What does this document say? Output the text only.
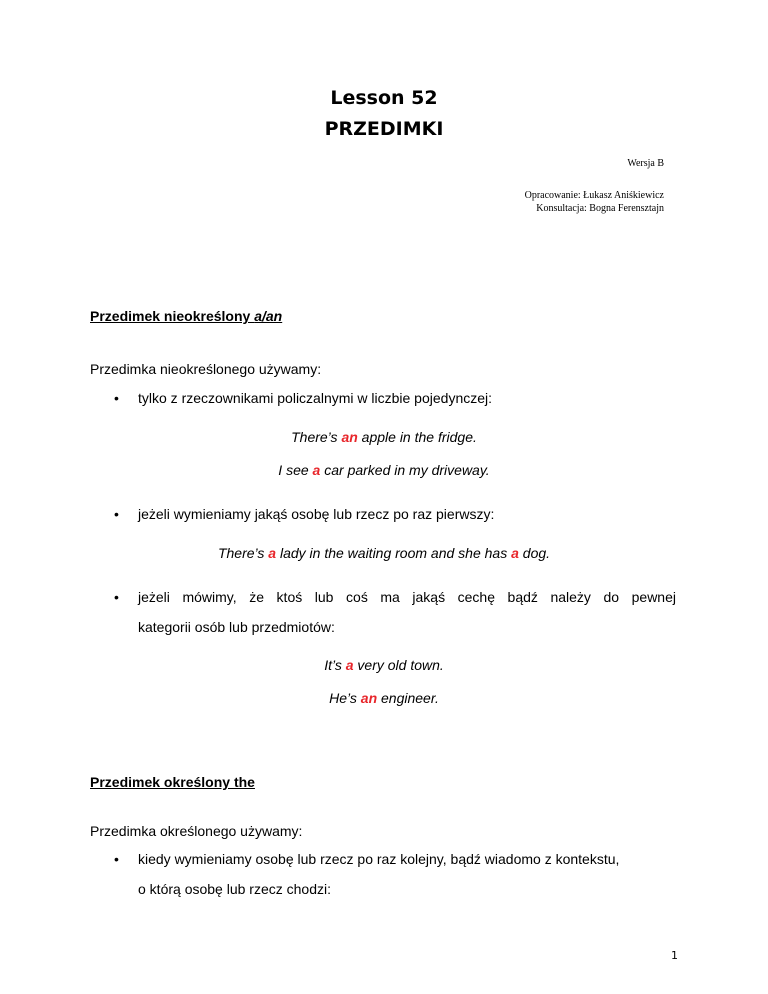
Lesson 52
PRZEDIMKI
Wersja B
Opracowanie: Łukasz Aniśkiewicz
Konsultacja: Bogna Ferensztajn
Przedimek nieokreślony a/an
Przedimka nieokreślonego używamy:
• tylko z rzeczownikami policzalnymi w liczbie pojedynczej:
There’s an apple in the fridge.
I see a car parked in my driveway.
• jeżeli wymieniamy jakąś osobę lub rzecz po raz pierwszy:
There’s a lady in the waiting room and she has a dog.
• jeżeli mówimy, że ktoś lub coś ma jakąś cechę bądź należy do pewnej
kategorii osób lub przedmiotów:
It’s a very old town.
He’s an engineer.
Przedimek określony the
Przedimka określonego używamy:
• kiedy wymieniamy osobę lub rzecz po raz kolejny, bądź wiadomo z kontekstu,
o którą osobę lub rzecz chodzi:
1
